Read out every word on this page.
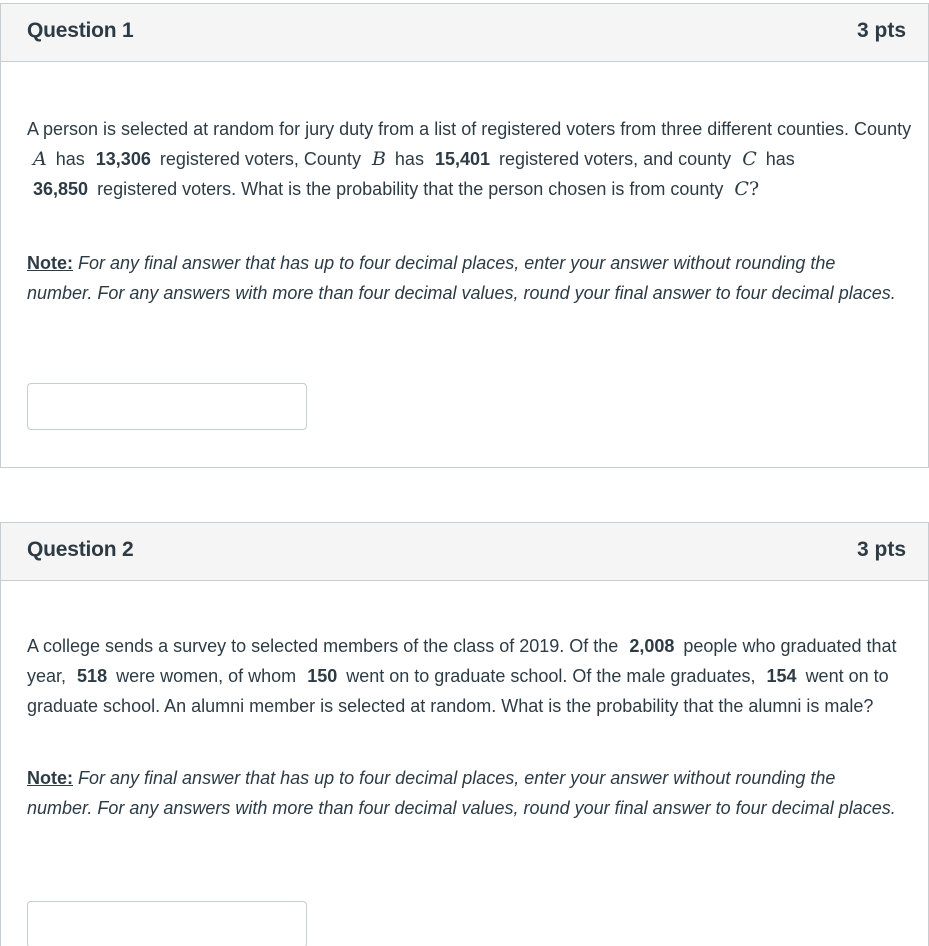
Question 1	3 pts
A person is selected at random for jury duty from a list of registered voters from three different counties. County A has 13,306 registered voters, County B has 15,401 registered voters, and county C has 36,850 registered voters. What is the probability that the person chosen is from county C?
Note: For any final answer that has up to four decimal places, enter your answer without rounding the number. For any answers with more than four decimal values, round your final answer to four decimal places.
Question 2	3 pts
A college sends a survey to selected members of the class of 2019. Of the 2,008 people who graduated that year, 518 were women, of whom 150 went on to graduate school. Of the male graduates, 154 went on to graduate school. An alumni member is selected at random. What is the probability that the alumni is male?
Note: For any final answer that has up to four decimal places, enter your answer without rounding the number. For any answers with more than four decimal values, round your final answer to four decimal places.
